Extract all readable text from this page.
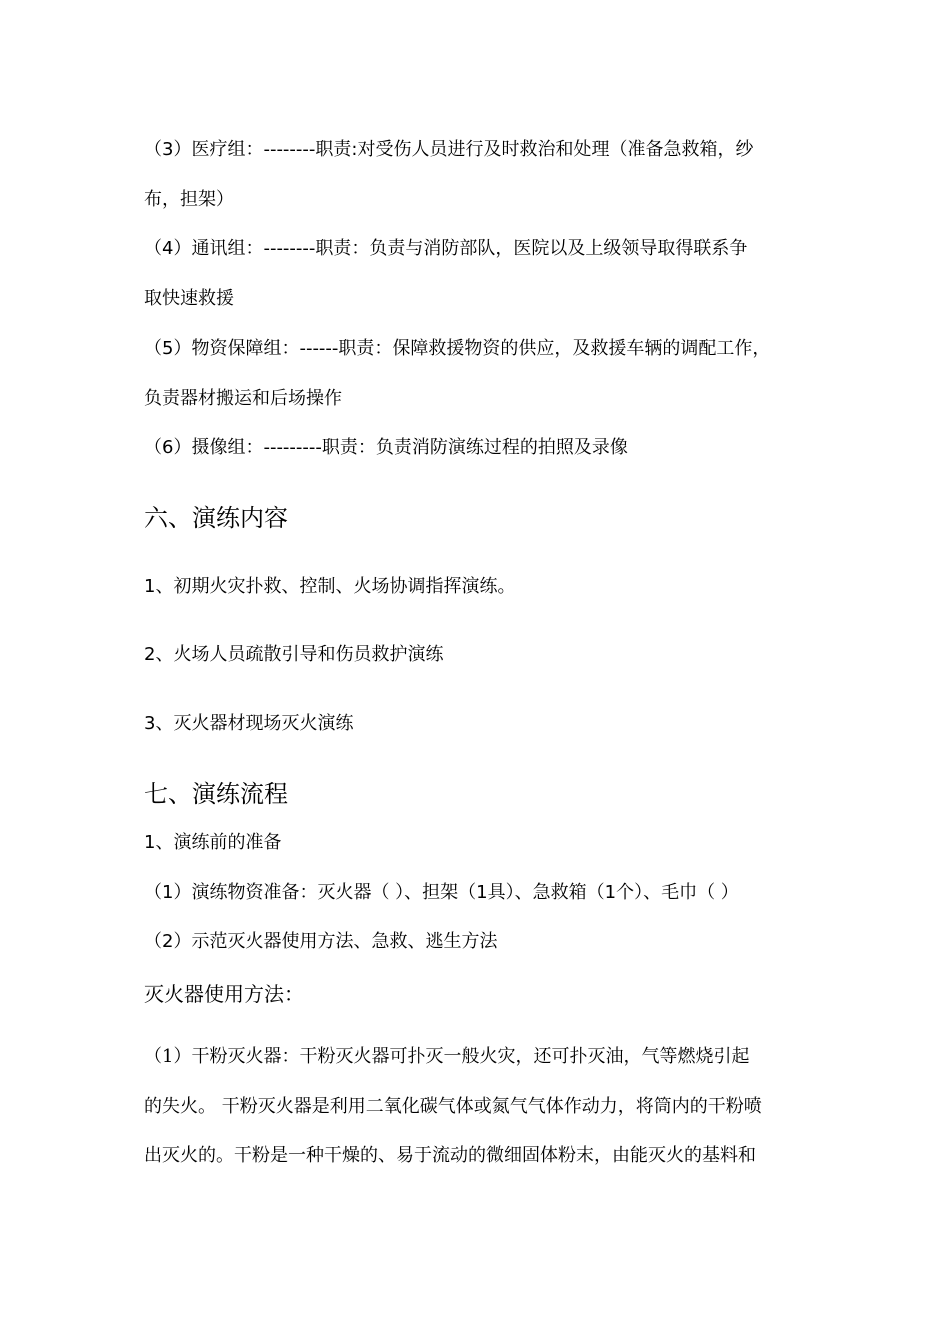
（3）医疗组：--------职责:对受伤人员进行及时救治和处理（准备急救箱，纱
布，担架）
（4）通讯组：--------职责：负责与消防部队，医院以及上级领导取得联系争
取快速救援
（5）物资保障组：------职责：保障救援物资的供应，及救援车辆的调配工作，
负责器材搬运和后场操作
（6）摄像组：---------职责：负责消防演练过程的拍照及录像
六、演练内容
1、初期火灾扑救、控制、火场协调指挥演练。
2、火场人员疏散引导和伤员救护演练
3、灭火器材现场灭火演练
七、演练流程
1、演练前的准备
（1）演练物资准备：灭火器（ ）、担架（1具）、急救箱（1个）、毛巾（ ）
（2）示范灭火器使用方法、急救、逃生方法
灭火器使用方法：
（1）干粉灭火器：干粉灭火器可扑灭一般火灾，还可扑灭油，气等燃烧引起
的失火。 干粉灭火器是利用二氧化碳气体或氮气气体作动力，将筒内的干粉喷
出灭火的。干粉是一种干燥的、易于流动的微细固体粉末，由能灭火的基料和
